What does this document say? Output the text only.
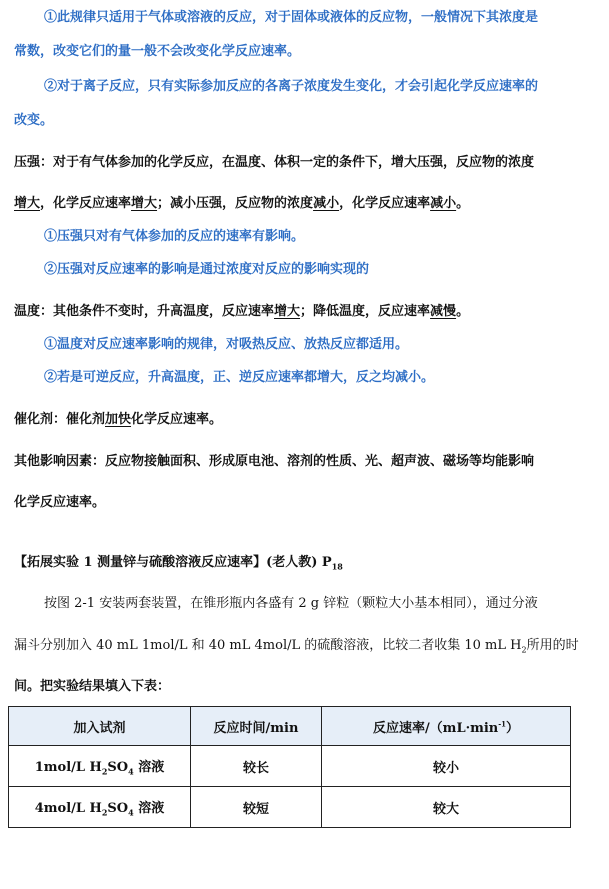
①此规律只适用于气体或溶液的反应，对于固体或液体的反应物，一般情况下其浓度是
常数，改变它们的量一般不会改变化学反应速率。
②对于离子反应，只有实际参加反应的各离子浓度发生变化，才会引起化学反应速率的
改变。
压强：对于有气体参加的化学反应，在温度、体积一定的条件下，增大压强，反应物的浓度
增大，化学反应速率增大；减小压强，反应物的浓度减小，化学反应速率减小。
①压强只对有气体参加的反应的速率有影响。
②压强对反应速率的影响是通过浓度对反应的影响实现的
温度：其他条件不变时，升高温度，反应速率增大；降低温度，反应速率减慢。
①温度对反应速率影响的规律，对吸热反应、放热反应都适用。
②若是可逆反应，升高温度，正、逆反应速率都增大，反之均减小。
催化剂：催化剂加快化学反应速率。
其他影响因素：反应物接触面积、形成原电池、溶剂的性质、光、超声波、磁场等均能影响
化学反应速率。
【拓展实验 1 测量锌与硫酸溶液反应速率】(老人教) $P_{18}$
按图 2-1 安装两套装置，在锥形瓶内各盛有 2 g 锌粒（颗粒大小基本相同），通过分液
漏斗分别加入 40 mL 1mol/L 和 40 mL 4mol/L 的硫酸溶液，比较二者收集 10 mL $H_2$所用的时
间。把实验结果填入下表：
加入试剂	反应时间/min	反应速率$/(mL\cdot\min^{-1})$
1mol/L $H_2SO_4$ 溶液	较长	较小
4mol/L $H_2SO_4$ 溶液	较短	较大
